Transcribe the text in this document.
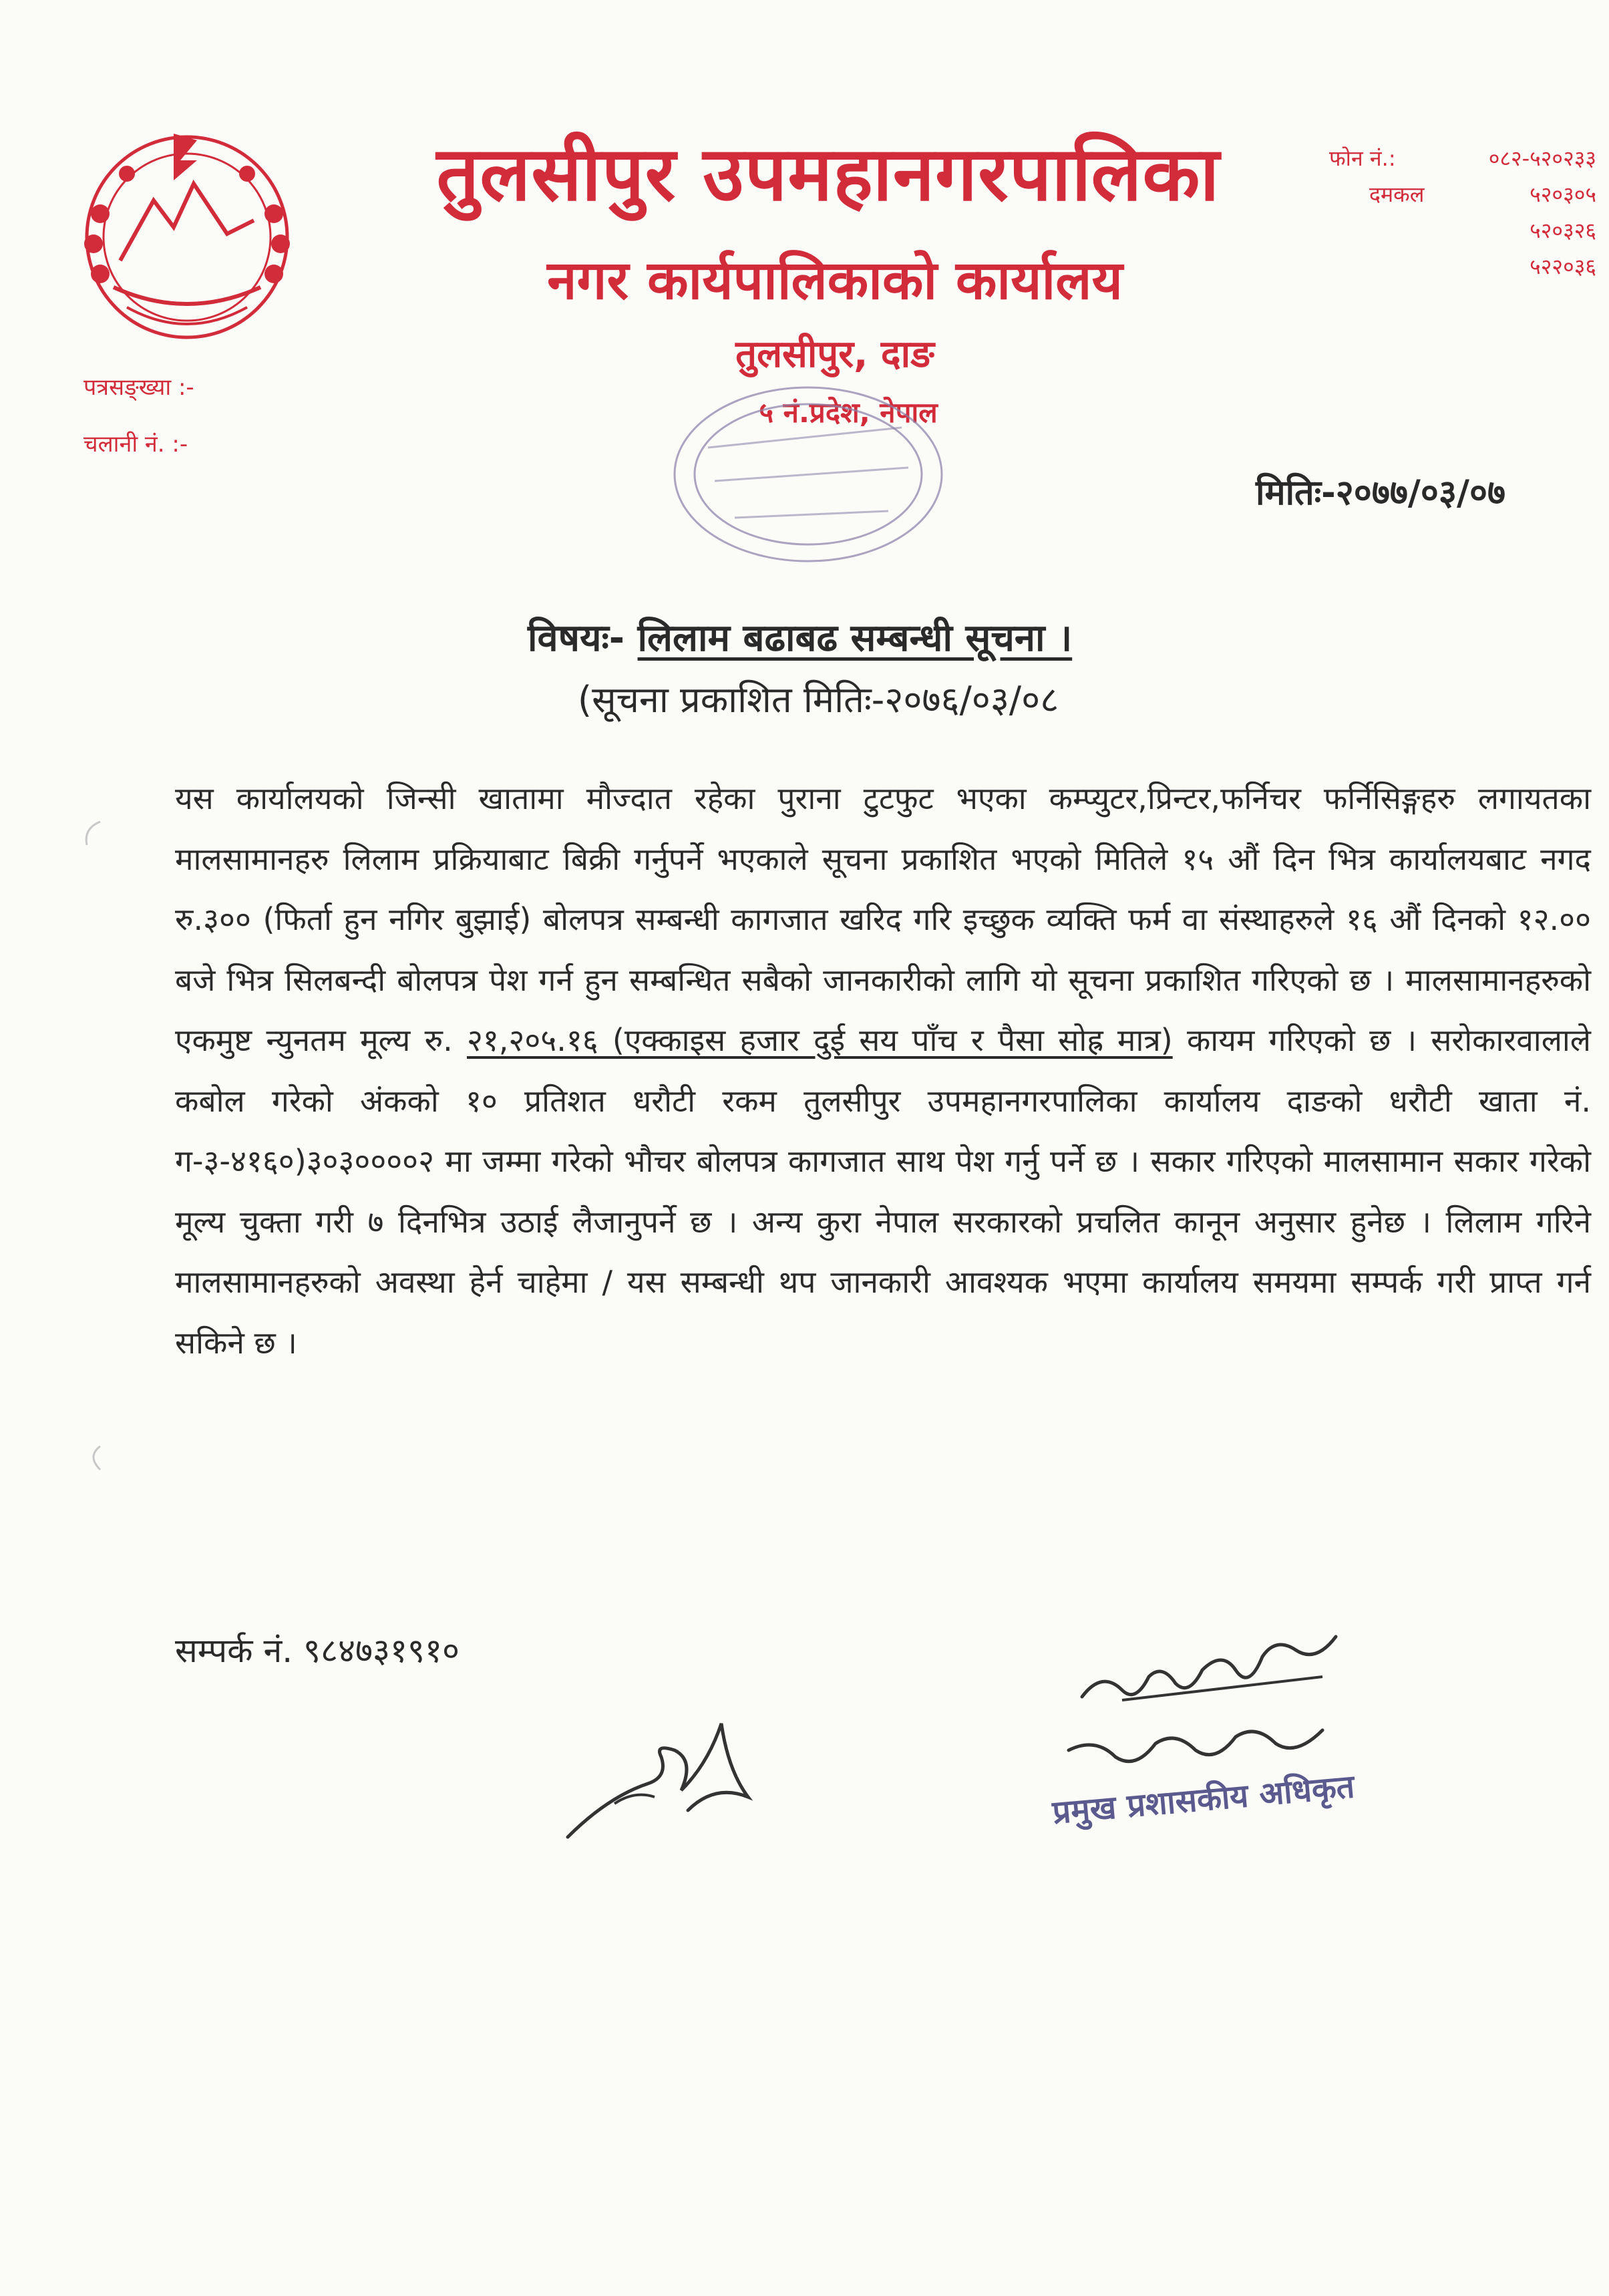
तुलसीपुर उपमहानगरपालिका
नगर कार्यपालिकाको कार्यालय
तुलसीपुर, दाङ
५ नं.प्रदेश, नेपाल
फोन नं.:	०८२-५२०२३३
दमकल	५२०३०५
५२०३२६
५२२०३६
पत्रसङ्ख्या :-
चलानी नं. :-
मितिः-२०७७/०३/०७
विषयः- लिलाम बढाबढ सम्बन्धी सूचना ।
(सूचना प्रकाशित मितिः-२०७६/०३/०८
यस कार्यालयको जिन्सी खातामा मौज्दात रहेका पुराना टुटफुट भएका कम्प्युटर,प्रिन्टर,फर्निचर फर्निसिङ्गहरु लगायतका मालसामानहरु लिलाम प्रक्रियाबाट बिक्री गर्नुपर्ने भएकाले सूचना प्रकाशित भएको मितिले १५ औं दिन भित्र कार्यालयबाट नगद रु.३०० (फिर्ता हुन नगिर बुझाई) बोलपत्र सम्बन्धी कागजात खरिद गरि इच्छुक व्यक्ति फर्म वा संस्थाहरुले १६ औं दिनको १२.०० बजे भित्र सिलबन्दी बोलपत्र पेश गर्न हुन सम्बन्धित सबैको जानकारीको लागि यो सूचना प्रकाशित गरिएको छ । मालसामानहरुको एकमुष्ट न्युनतम मूल्य रु. २१,२०५.१६ (एक्काइस हजार दुई सय पाँच र पैसा सोह्र मात्र) कायम गरिएको छ । सरोकारवालाले कबोल गरेको अंकको १० प्रतिशत धरौटी रकम तुलसीपुर उपमहानगरपालिका कार्यालय दाङको धरौटी खाता नं. ग-३-४१६०)३०३००००२ मा जम्मा गरेको भौचर बोलपत्र कागजात साथ पेश गर्नु पर्ने छ । सकार गरिएको मालसामान सकार गरेको मूल्य चुक्ता गरी ७ दिनभित्र उठाई लैजानुपर्ने छ । अन्य कुरा नेपाल सरकारको प्रचलित कानून अनुसार हुनेछ । लिलाम गरिने मालसामानहरुको अवस्था हेर्न चाहेमा / यस सम्बन्धी थप जानकारी आवश्यक भएमा कार्यालय समयमा सम्पर्क गरी प्राप्त गर्न सकिने छ ।
सम्पर्क नं. ९८४७३१९१०
प्रमुख प्रशासकीय अधिकृत
